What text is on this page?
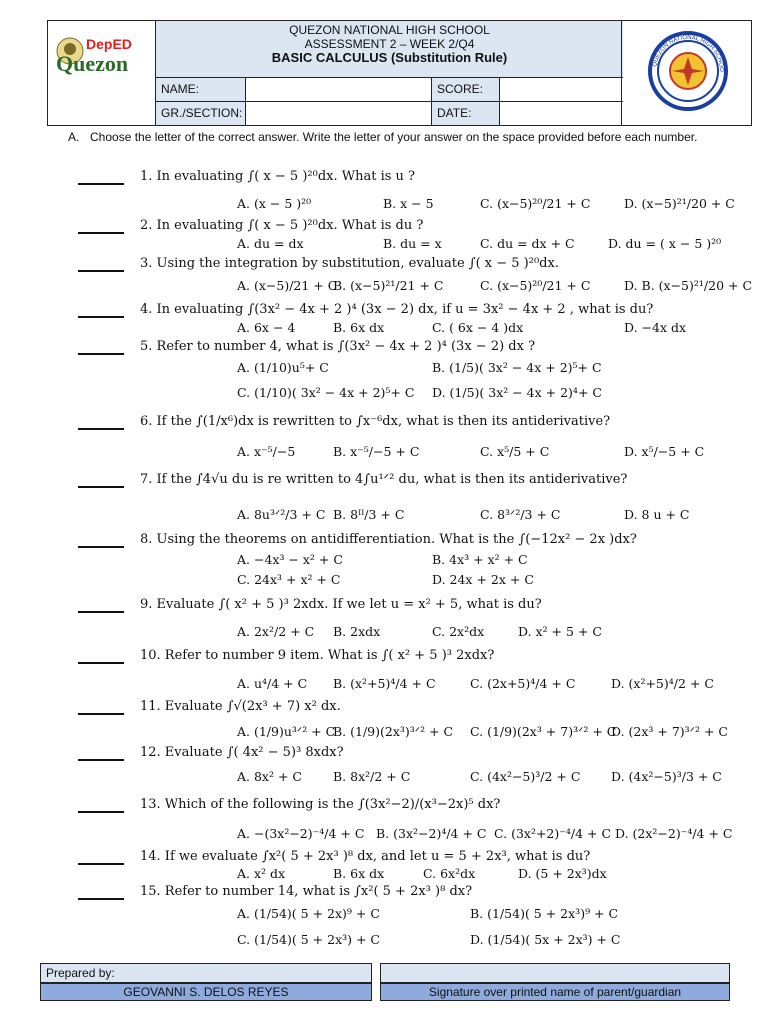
DepED
Quezon
QUEZON NATIONAL HIGH SCHOOL
ASSESSMENT 2 – WEEK 2/Q4
BASIC CALCULUS (Substitution Rule)
NAME:	SCORE:
GR./SECTION:	DATE:
QUEZON NATIONAL HIGH SCHOO
A. Choose the letter of the correct answer. Write the letter of your answer on the space provided before each number.
1. In evaluating ∫( x − 5 )²⁰dx. What is u ?
A. (x − 5 )²⁰	B. x − 5	C. (x−5)²⁰/21 + C	D. (x−5)²¹/20 + C
2. In evaluating ∫( x − 5 )²⁰dx. What is du ?
A. du = dx	B. du = x	C. du = dx + C	D. du = ( x − 5 )²⁰
3. Using the integration by substitution, evaluate ∫( x − 5 )²⁰dx.
A. (x−5)/21 + C
B. (x−5)²¹/21 + C	C. (x−5)²⁰/21 + C	D. B. (x−5)²¹/20 + C
4. In evaluating ∫(3x² − 4x + 2 )⁴ (3x − 2) dx, if u = 3x² − 4x + 2 , what is du?
A. 6x − 4	B. 6x dx	C. ( 6x − 4 )dx	D. −4x dx
5. Refer to number 4, what is ∫(3x² − 4x + 2 )⁴ (3x − 2) dx ?
A. (1/10)u⁵+ C	B. (1/5)( 3x² − 4x + 2)⁵+ C
C. (1/10)( 3x² − 4x + 2)⁵+ C D. (1/5)( 3x² − 4x + 2)⁴+ C
6. If the ∫(1/x⁶)dx is rewritten to ∫x⁻⁶dx, what is then its antiderivative?
A. x⁻⁵/−5	B. x⁻⁵/−5 + C	C. x⁵/5 + C	D. x⁵/−5 + C
7. If the ∫4√u du is re written to 4∫u¹ᐟ² du, what is then its antiderivative?
A. 8u³ᐟ²/3 + C B. 8ᴵᴵ/3 + C	C. 8³ᐟ²/3 + C	D. 8 u + C
8. Using the theorems on antidifferentiation. What is the ∫(−12x² − 2x )dx?
A. −4x³ − x² + C	B. 4x³ + x² + C
C. 24x³ + x² + C	D. 24x + 2x + C
9. Evaluate ∫( x² + 5 )³ 2xdx. If we let u = x² + 5, what is du?
A. 2x²/2 + C B. 2xdx	C. 2x²dx	D. x² + 5 + C
10. Refer to number 9 item. What is ∫( x² + 5 )³ 2xdx?
A. u⁴/4 + C B. (x²+5)⁴/4 + C	C. (2x+5)⁴/4 + C	D. (x²+5)⁴/2 + C
11. Evaluate ∫√(2x³ + 7) x² dx.
A. (1/9)u³ᐟ² + C
B. (1/9)(2x³)³ᐟ² + C C. (1/9)(2x³ + 7)³ᐟ² + C
D. (2x³ + 7)³ᐟ² + C
12. Evaluate ∫( 4x² − 5)³ 8xdx?
A. 8x² + C B. 8x²/2 + C	C. (4x²−5)³/2 + C D. (4x²−5)³/3 + C
13. Which of the following is the ∫(3x²−2)/(x³−2x)⁵ dx?
A. −(3x²−2)⁻⁴/4 + C B. (3x²−2)⁴/4 + C C. (3x²+2)⁻⁴/4 + C D. (2x²−2)⁻⁴/4 + C
14. If we evaluate ∫x²( 5 + 2x³ )⁸ dx, and let u = 5 + 2x³, what is du?
A. x² dx	B. 6x dx	C. 6x²dx	D. (5 + 2x³)dx
15. Refer to number 14, what is ∫x²( 5 + 2x³ )⁸ dx?
A. (1/54)( 5 + 2x)⁹ + C	B. (1/54)( 5 + 2x³)⁹ + C
C. (1/54)( 5 + 2x³) + C	D. (1/54)( 5x + 2x³) + C
Prepared by:
GEOVANNI S. DELOS REYES	Signature over printed name of parent/guardian
